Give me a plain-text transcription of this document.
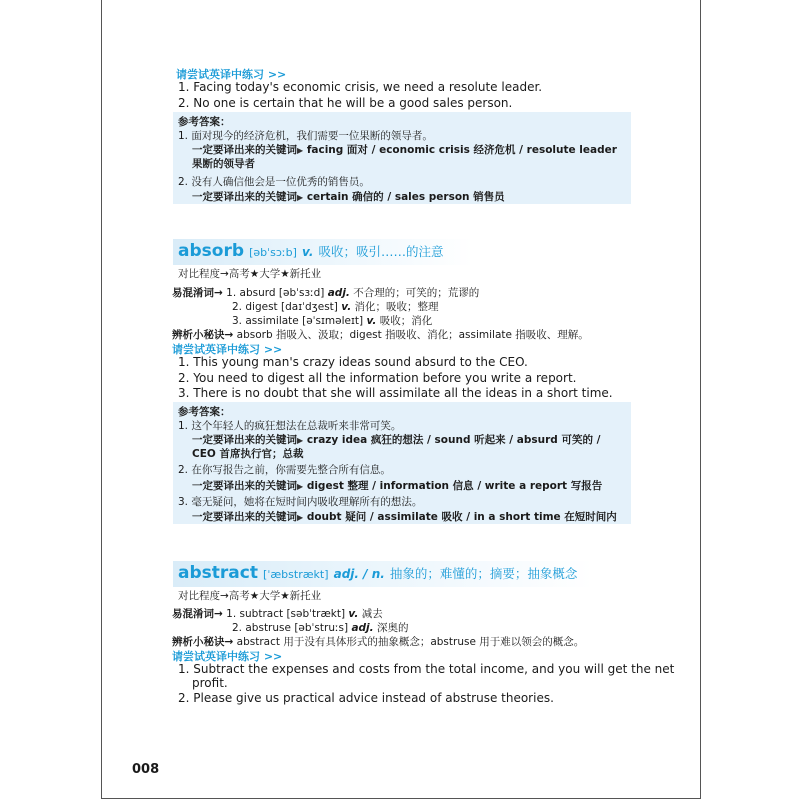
请尝试英译中练习 >>
1. Facing today's economic crisis, we need a resolute leader.
2. No one is certain that he will be a good sales person.
参考答案：
1. 面对现今的经济危机，我们需要一位果断的领导者。
一定要译出来的关键词▶ facing 面对 / economic crisis 经济危机 / resolute leader
果断的领导者
2. 没有人确信他会是一位优秀的销售员。
一定要译出来的关键词▶ certain 确信的 / sales person 销售员
absorb [əbˈsɔːb] v. 吸收；吸引……的注意
对比程度→高考★大学★新托业
易混淆词→ 1. absurd [əbˈsɜːd] adj. 不合理的；可笑的；荒谬的
2. digest [daɪˈdʒest] v. 消化；吸收；整理
3. assimilate [əˈsɪməleɪt] v. 吸收；消化
辨析小秘诀→ absorb 指吸入、汲取；digest 指吸收、消化；assimilate 指吸收、理解。
请尝试英译中练习 >>
1. This young man's crazy ideas sound absurd to the CEO.
2. You need to digest all the information before you write a report.
3. There is no doubt that she will assimilate all the ideas in a short time.
参考答案：
1. 这个年轻人的疯狂想法在总裁听来非常可笑。
一定要译出来的关键词▶ crazy idea 疯狂的想法 / sound 听起来 / absurd 可笑的 /
CEO 首席执行官；总裁
2. 在你写报告之前，你需要先整合所有信息。
一定要译出来的关键词▶ digest 整理 / information 信息 / write a report 写报告
3. 毫无疑问，她将在短时间内吸收理解所有的想法。
一定要译出来的关键词▶ doubt 疑问 / assimilate 吸收 / in a short time 在短时间内
abstract [ˈæbstrækt] adj. / n. 抽象的；难懂的；摘要；抽象概念
对比程度→高考★大学★新托业
易混淆词→ 1. subtract [səbˈtrækt] v. 减去
2. abstruse [əbˈstruːs] adj. 深奥的
辨析小秘诀→ abstract 用于没有具体形式的抽象概念；abstruse 用于难以领会的概念。
请尝试英译中练习 >>
1. Subtract the expenses and costs from the total income, and you will get the net
profit.
2. Please give us practical advice instead of abstruse theories.
008
